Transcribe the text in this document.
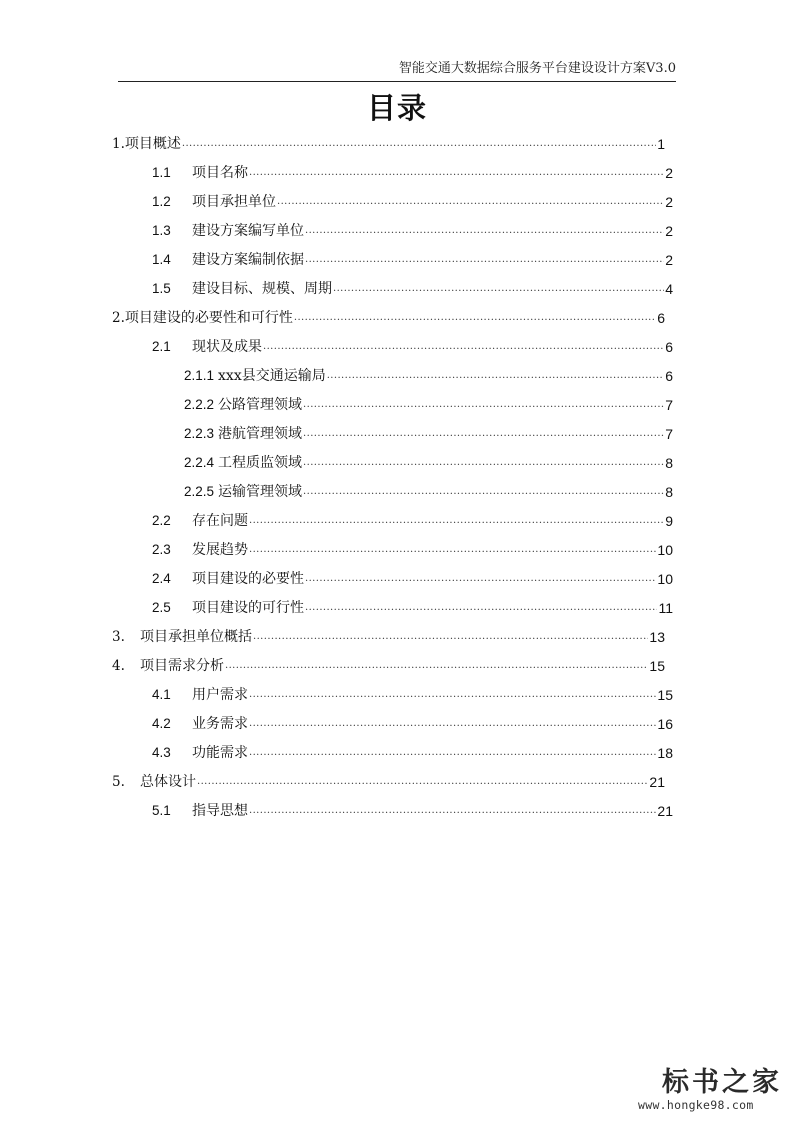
智能交通大数据综合服务平台建设设计方案V3.0
目录
1. 项目概述 .....	1
1.1	项目名称 .....	2
1.2	项目承担单位 .....	2
1.3	建设方案编写单位 .....	2
1.4	建设方案编制依据 .....	2
1.5	建设目标、规模、周期 .....	4
2. 项目建设的必要性和可行性 .....	6
2.1	现状及成果 .....	6
2.1.1 xxx县交通运输局 .....	6
2.2.2 公路管理领域 .....	7
2.2.3 港航管理领域 .....	7
2.2.4 工程质监领域 .....	8
2.2.5 运输管理领域 .....	8
2.2	存在问题 .....	9
2.3	发展趋势 .....	10
2.4	项目建设的必要性 .....	10
2.5	项目建设的可行性 .....	11
3.	项目承担单位概括 .....	13
4.	项目需求分析 .....	15
4.1	用户需求 .....	15
4.2	业务需求 .....	16
4.3	功能需求 .....	18
5.	总体设计 .....	21
5.1	指导思想 .....	21
标书之家
www.hongke98.com
